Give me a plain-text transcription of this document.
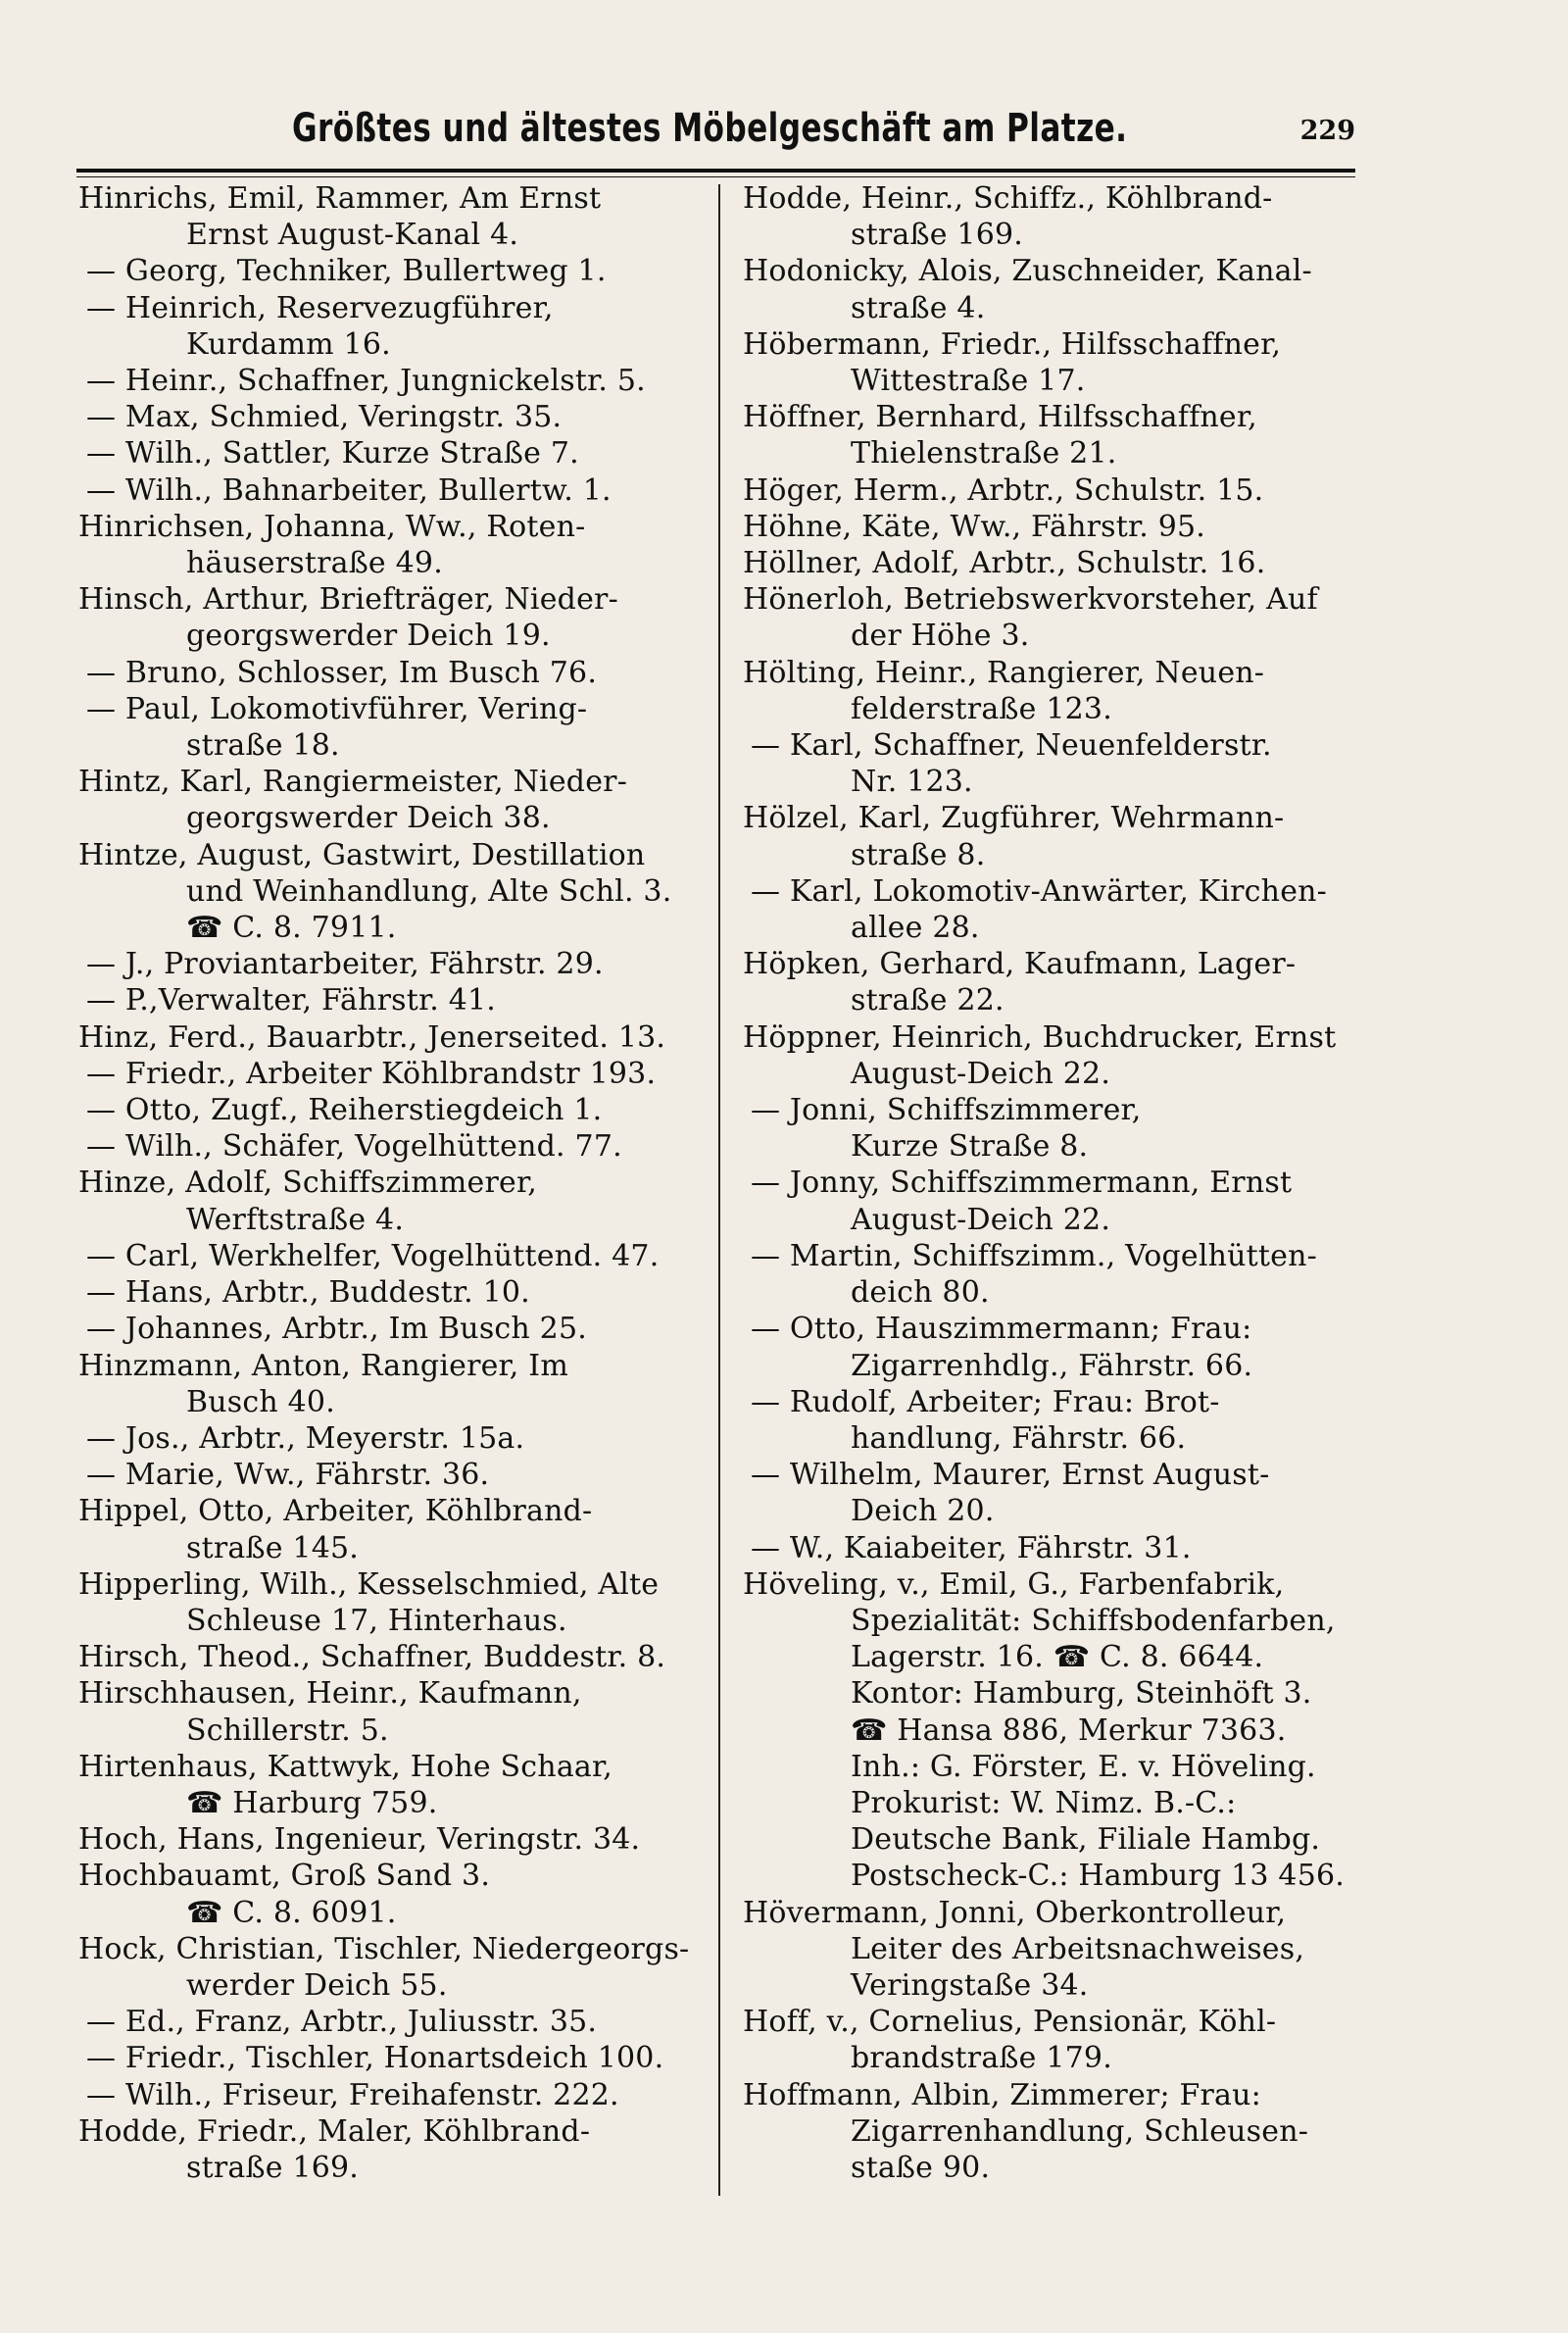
Größtes und ältestes Möbelgeschäft am Platze.	229
Hinrichs, Emil, Rammer, Am Ernst
Ernst August-Kanal 4.
— Georg, Techniker, Bullertweg 1.
— Heinrich, Reservezugführer,
Kurdamm 16.
— Heinr., Schaffner, Jungnickelstr. 5.
— Max, Schmied, Veringstr. 35.
— Wilh., Sattler, Kurze Straße 7.
— Wilh., Bahnarbeiter, Bullertw. 1.
Hinrichsen, Johanna, Ww., Roten-
häuserstraße 49.
Hinsch, Arthur, Briefträger, Nieder-
georgswerder Deich 19.
— Bruno, Schlosser, Im Busch 76.
— Paul, Lokomotivführer, Vering-
straße 18.
Hintz, Karl, Rangiermeister, Nieder-
georgswerder Deich 38.
Hintze, August, Gastwirt, Destillation
und Weinhandlung, Alte Schl. 3.
☎ C. 8. 7911.
— J., Proviantarbeiter, Fährstr. 29.
— P.,Verwalter, Fährstr. 41.
Hinz, Ferd., Bauarbtr., Jenerseited. 13.
— Friedr., Arbeiter Köhlbrandstr 193.
— Otto, Zugf., Reiherstiegdeich 1.
— Wilh., Schäfer, Vogelhüttend. 77.
Hinze, Adolf, Schiffszimmerer,
Werftstraße 4.
— Carl, Werkhelfer, Vogelhüttend. 47.
— Hans, Arbtr., Buddestr. 10.
— Johannes, Arbtr., Im Busch 25.
Hinzmann, Anton, Rangierer, Im
Busch 40.
— Jos., Arbtr., Meyerstr. 15a.
— Marie, Ww., Fährstr. 36.
Hippel, Otto, Arbeiter, Köhlbrand-
straße 145.
Hipperling, Wilh., Kesselschmied, Alte
Schleuse 17, Hinterhaus.
Hirsch, Theod., Schaffner, Buddestr. 8.
Hirschhausen, Heinr., Kaufmann,
Schillerstr. 5.
Hirtenhaus, Kattwyk, Hohe Schaar,
☎ Harburg 759.
Hoch, Hans, Ingenieur, Veringstr. 34.
Hochbauamt, Groß Sand 3.
☎ C. 8. 6091.
Hock, Christian, Tischler, Niedergeorgs-
werder Deich 55.
— Ed., Franz, Arbtr., Juliusstr. 35.
— Friedr., Tischler, Honartsdeich 100.
— Wilh., Friseur, Freihafenstr. 222.
Hodde, Friedr., Maler, Köhlbrand-
straße 169.
Hodde, Heinr., Schiffz., Köhlbrand-
straße 169.
Hodonicky, Alois, Zuschneider, Kanal-
straße 4.
Höbermann, Friedr., Hilfsschaffner,
Wittestraße 17.
Höffner, Bernhard, Hilfsschaffner,
Thielenstraße 21.
Höger, Herm., Arbtr., Schulstr. 15.
Höhne, Käte, Ww., Fährstr. 95.
Höllner, Adolf, Arbtr., Schulstr. 16.
Hönerloh, Betriebswerkvorsteher, Auf
der Höhe 3.
Hölting, Heinr., Rangierer, Neuen-
felderstraße 123.
— Karl, Schaffner, Neuenfelderstr.
Nr. 123.
Hölzel, Karl, Zugführer, Wehrmann-
straße 8.
— Karl, Lokomotiv-Anwärter, Kirchen-
allee 28.
Höpken, Gerhard, Kaufmann, Lager-
straße 22.
Höppner, Heinrich, Buchdrucker, Ernst
August-Deich 22.
— Jonni, Schiffszimmerer,
Kurze Straße 8.
— Jonny, Schiffszimmermann, Ernst
August-Deich 22.
— Martin, Schiffszimm., Vogelhütten-
deich 80.
— Otto, Hauszimmermann; Frau:
Zigarrenhdlg., Fährstr. 66.
— Rudolf, Arbeiter; Frau: Brot-
handlung, Fährstr. 66.
— Wilhelm, Maurer, Ernst August-
Deich 20.
— W., Kaiabeiter, Fährstr. 31.
Höveling, v., Emil, G., Farbenfabrik,
Spezialität: Schiffsbodenfarben,
Lagerstr. 16. ☎ C. 8. 6644.
Kontor: Hamburg, Steinhöft 3.
☎ Hansa 886, Merkur 7363.
Inh.: G. Förster, E. v. Höveling.
Prokurist: W. Nimz. B.-C.:
Deutsche Bank, Filiale Hambg.
Postscheck-C.: Hamburg 13 456.
Hövermann, Jonni, Oberkontrolleur,
Leiter des Arbeitsnachweises,
Veringstaße 34.
Hoff, v., Cornelius, Pensionär, Köhl-
brandstraße 179.
Hoffmann, Albin, Zimmerer; Frau:
Zigarrenhandlung, Schleusen-
staße 90.
